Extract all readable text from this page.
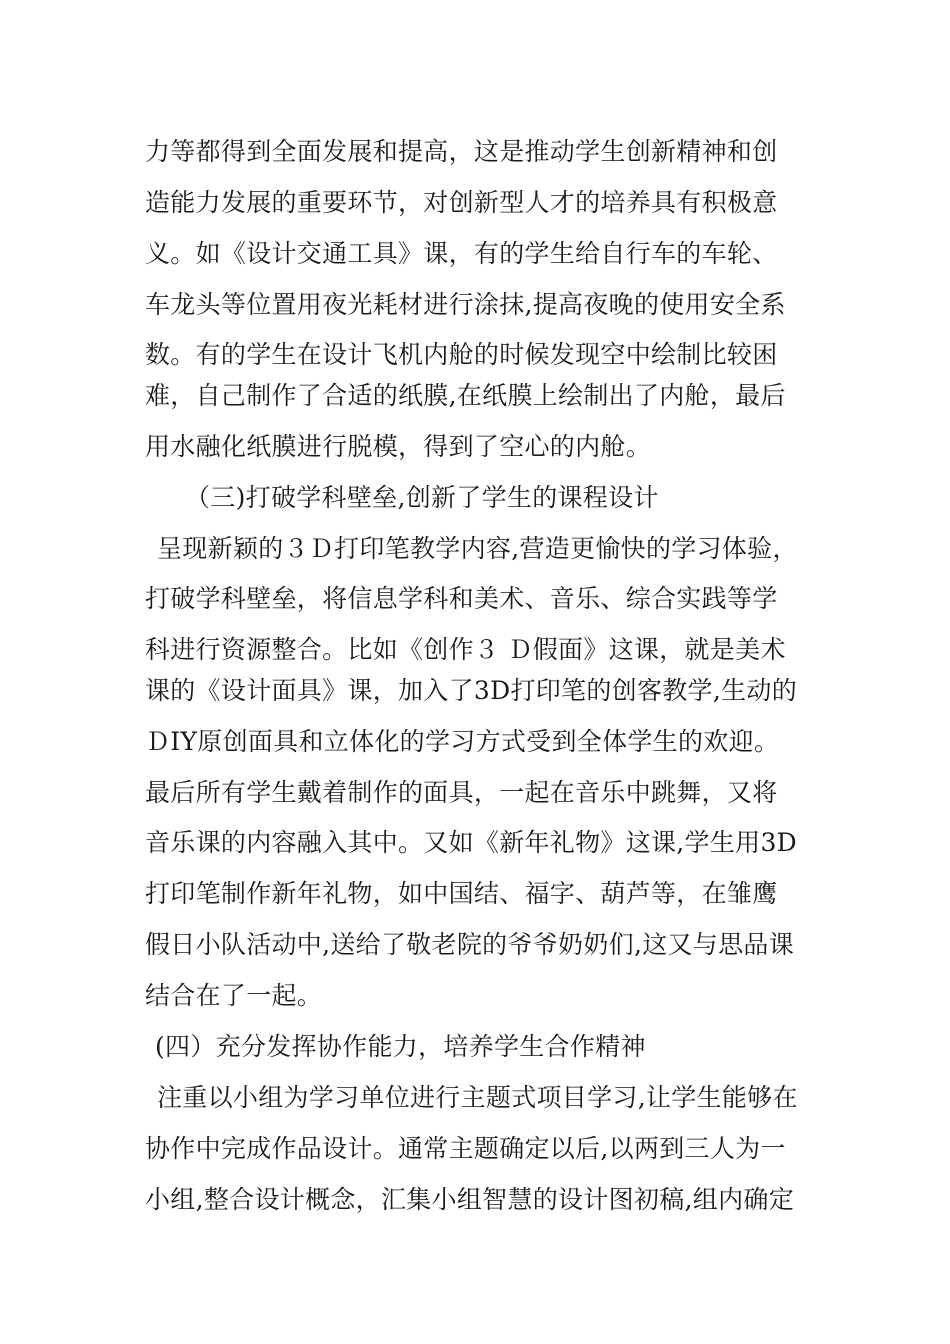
力等都得到全面发展和提高，这是推动学生创新精神和创
造能力发展的重要环节，对创新型人才的培养具有积极意
义。如《设计交通工具》课，有的学生给自行车的车轮、
车龙头等位置用夜光耗材进行涂抹,提高夜晚的使用安全系
数。有的学生在设计飞机内舱的时候发现空中绘制比较困
难，自己制作了合适的纸膜,在纸膜上绘制出了内舱，最后
用水融化纸膜进行脱模，得到了空心的内舱。
（三)打破学科壁垒,创新了学生的课程设计
呈现新颖的３Ｄ打印笔教学内容,营造更愉快的学习体验，
打破学科壁垒，将信息学科和美术、音乐、综合实践等学
科进行资源整合。比如《创作３ Ｄ假面》这课，就是美术
课的《设计面具》课，加入了3D打印笔的创客教学,生动的
ＤIY原创面具和立体化的学习方式受到全体学生的欢迎。
最后所有学生戴着制作的面具，一起在音乐中跳舞，又将
音乐课的内容融入其中。又如《新年礼物》这课,学生用3D
打印笔制作新年礼物，如中国结、福字、葫芦等，在雏鹰
假日小队活动中,送给了敬老院的爷爷奶奶们,这又与思品课
结合在了一起。
(四）充分发挥协作能力，培养学生合作精神
注重以小组为学习单位进行主题式项目学习,让学生能够在
协作中完成作品设计。通常主题确定以后,以两到三人为一
小组,整合设计概念，汇集小组智慧的设计图初稿,组内确定
